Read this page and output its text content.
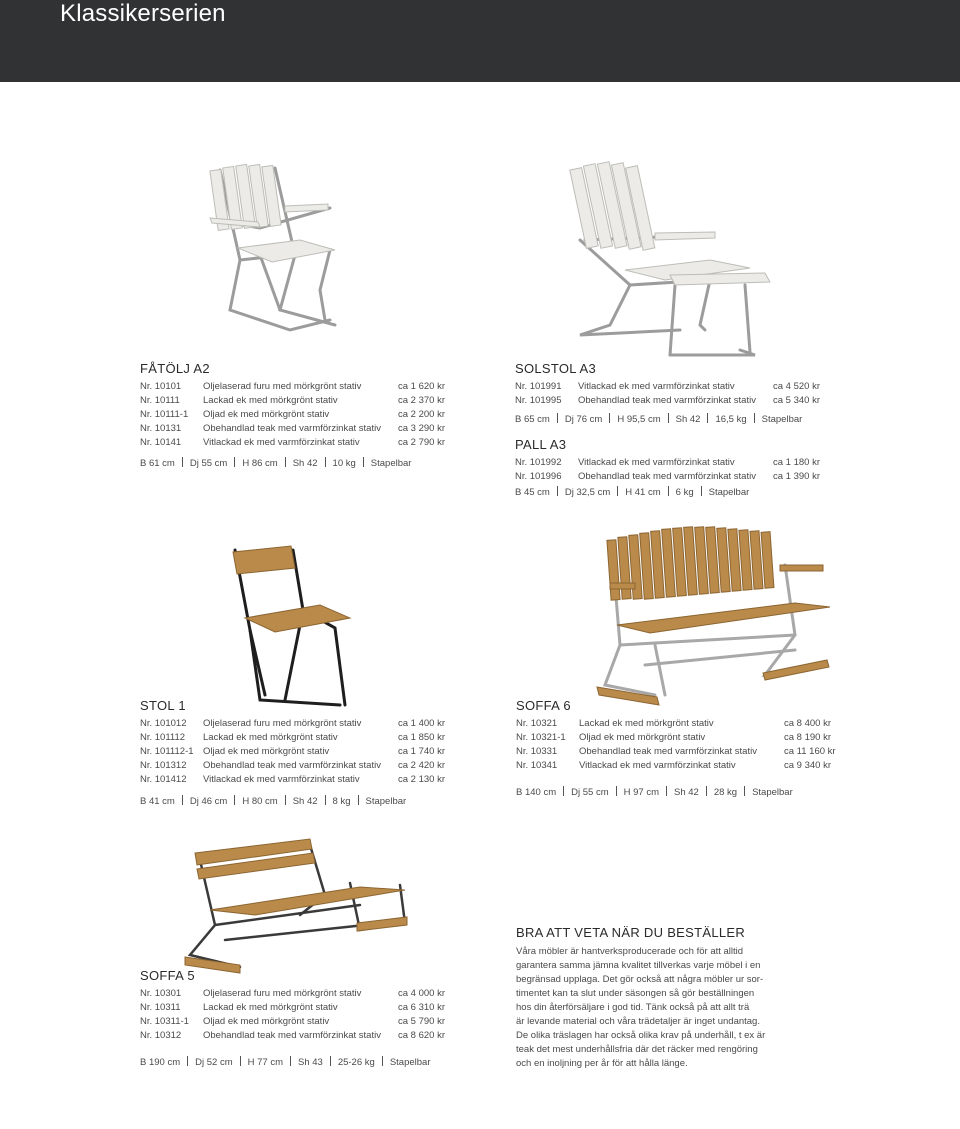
Klassikerserien
FÅTÖLJ A2
Nr. 10101	Oljelaserad furu med mörkgrönt stativ	ca 1 620 kr
Nr. 10111	Lackad ek med mörkgrönt stativ	ca 2 370 kr
Nr. 10111-1	Oljad ek med mörkgrönt stativ	ca 2 200 kr
Nr. 10131	Obehandlad teak med varmförzinkat stativ	ca 3 290 kr
Nr. 10141	Vitlackad ek med varmförzinkat stativ	ca 2 790 kr
B 61 cm Dj 55 cm H 86 cm Sh 42 10 kg Stapelbar
SOLSTOL A3
Nr. 101991	Vitlackad ek med varmförzinkat stativ	ca 4 520 kr
Nr. 101995	Obehandlad teak med varmförzinkat stativ	ca 5 340 kr
B 65 cm Dj 76 cm H 95,5 cm Sh 42 16,5 kg Stapelbar
PALL A3
Nr. 101992	Vitlackad ek med varmförzinkat stativ	ca 1 180 kr
Nr. 101996	Obehandlad teak med varmförzinkat stativ	ca 1 390 kr
B 45 cm Dj 32,5 cm H 41 cm 6 kg Stapelbar
STOL 1
Nr. 101012	Oljelaserad furu med mörkgrönt stativ	ca 1 400 kr
Nr. 101112	Lackad ek med mörkgrönt stativ	ca 1 850 kr
Nr. 101112-1 Oljad ek med mörkgrönt stativ	ca 1 740 kr
Nr. 101312	Obehandlad teak med varmförzinkat stativ	ca 2 420 kr
Nr. 101412	Vitlackad ek med varmförzinkat stativ	ca 2 130 kr
B 41 cm Dj 46 cm H 80 cm Sh 42 8 kg Stapelbar
SOFFA 6
Nr. 10321	Lackad ek med mörkgrönt stativ	ca 8 400 kr
Nr. 10321-1	Oljad ek med mörkgrönt stativ	ca 8 190 kr
Nr. 10331	Obehandlad teak med varmförzinkat stativ	ca 11 160 kr
Nr. 10341	Vitlackad ek med varmförzinkat stativ	ca 9 340 kr
B 140 cm Dj 55 cm H 97 cm Sh 42 28 kg Stapelbar
SOFFA 5
Nr. 10301	Oljelaserad furu med mörkgrönt stativ	ca 4 000 kr
Nr. 10311	Lackad ek med mörkgrönt stativ	ca 6 310 kr
Nr. 10311-1	Oljad ek med mörkgrönt stativ	ca 5 790 kr
Nr. 10312	Obehandlad teak med varmförzinkat stativ	ca 8 620 kr
B 190 cm Dj 52 cm H 77 cm Sh 43 25-26 kg Stapelbar
BRA ATT VETA NÄR DU BESTÄLLER
Våra möbler är hantverksproducerade och för att alltid
garantera samma jämna kvalitet tillverkas varje möbel i en
begränsad upplaga. Det gör också att några möbler ur sor-
timentet kan ta slut under säsongen så gör beställningen
hos din återförsäljare i god tid. Tänk också på att allt trä
är levande material och våra trädetaljer är inget undantag.
De olika träslagen har också olika krav på underhåll, t ex är
teak det mest underhållsfria där det räcker med rengöring
och en inoljning per år för att hålla länge.
